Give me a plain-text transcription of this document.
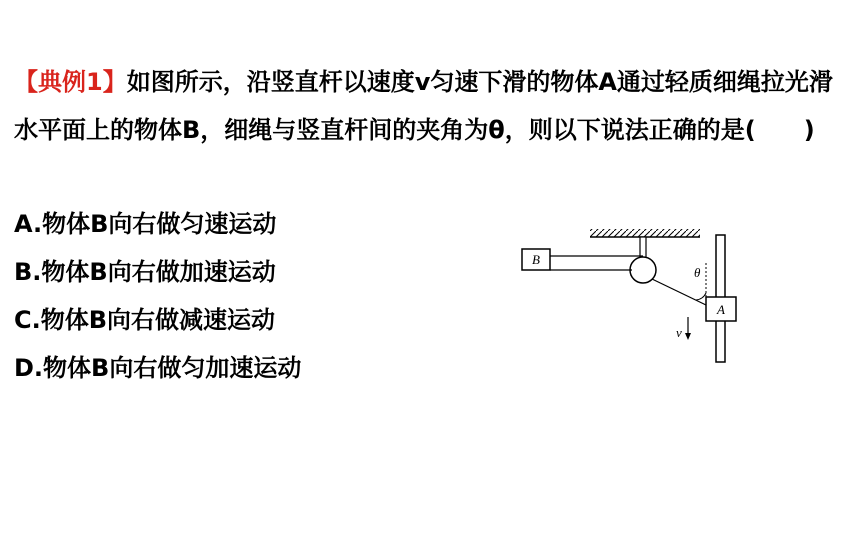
【典例1】如图所示，沿竖直杆以速度v匀速下滑的物体A通过轻质细绳拉光滑水平面上的物体B，细绳与竖直杆间的夹角为θ，则以下说法正确的是(　　)
A.物体B向右做匀速运动
B.物体B向右做加速运动
C.物体B向右做减速运动
D.物体B向右做匀加速运动
B
θ
A
v
